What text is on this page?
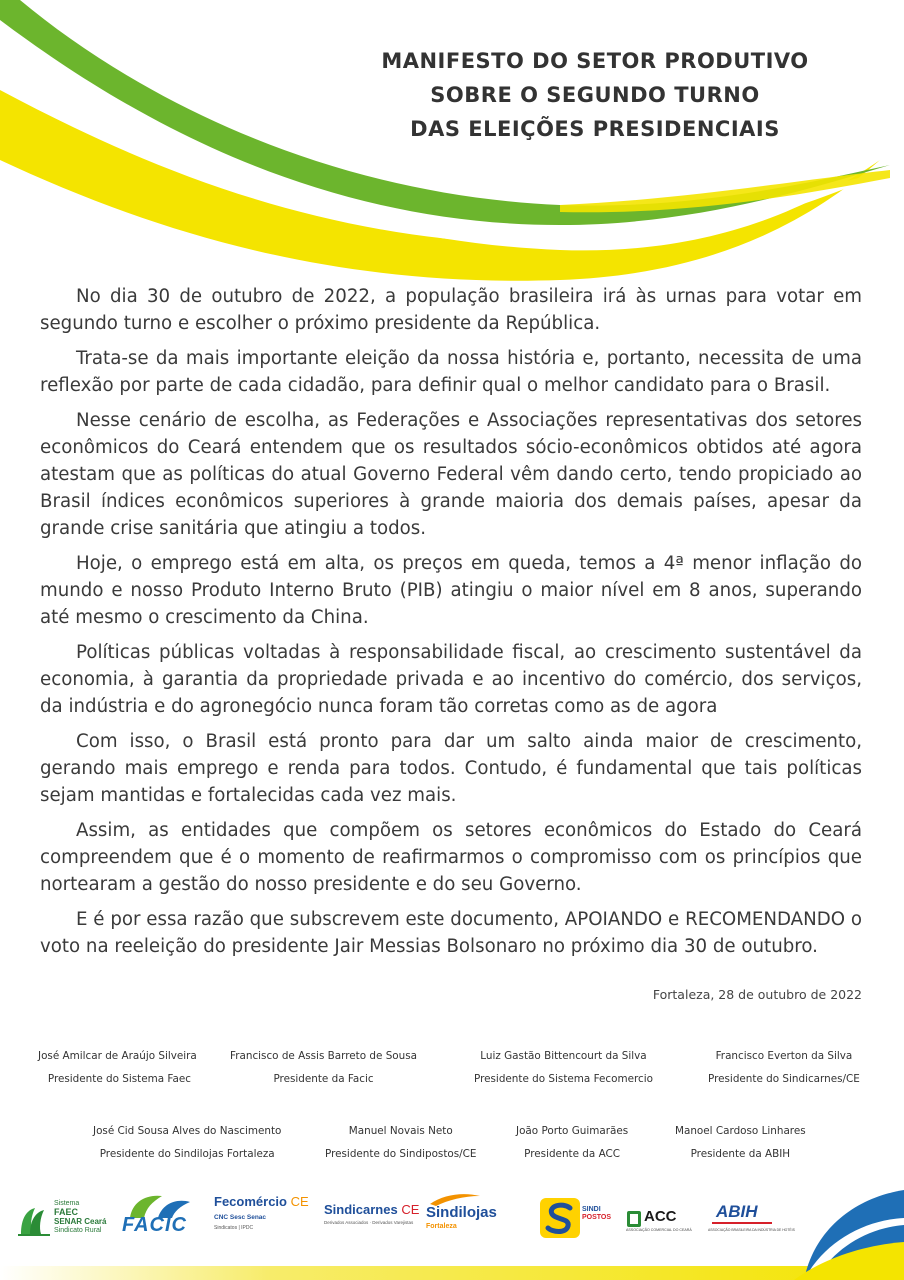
MANIFESTO DO SETOR PRODUTIVO
SOBRE O SEGUNDO TURNO
DAS ELEIÇÕES PRESIDENCIAIS

No dia 30 de outubro de 2022, a população brasileira irá às urnas para votar em segundo turno e escolher o próximo presidente da República.

Trata-se da mais importante eleição da nossa história e, portanto, necessita de uma reflexão por parte de cada cidadão, para definir qual o melhor candidato para o Brasil.

Nesse cenário de escolha, as Federações e Associações representativas dos setores econômicos do Ceará entendem que os resultados sócio-econômicos obtidos até agora atestam que as políticas do atual Governo Federal vêm dando certo, tendo propiciado ao Brasil índices econômicos superiores à grande maioria dos demais países, apesar da grande crise sanitária que atingiu a todos.

Hoje, o emprego está em alta, os preços em queda, temos a 4ª menor inflação do mundo e nosso Produto Interno Bruto (PIB) atingiu o maior nível em 8 anos, superando até mesmo o crescimento da China.

Políticas públicas voltadas à responsabilidade fiscal, ao crescimento sustentável da economia, à garantia da propriedade privada e ao incentivo do comércio, dos serviços, da indústria e do agronegócio nunca foram tão corretas como as de agora

Com isso, o Brasil está pronto para dar um salto ainda maior de crescimento, gerando mais emprego e renda para todos. Contudo, é fundamental que tais políticas sejam mantidas e fortalecidas cada vez mais.

Assim, as entidades que compõem os setores econômicos do Estado do Ceará compreendem que é o momento de reafirmarmos o compromisso com os princípios que nortearam a gestão do nosso presidente e do seu Governo.

E é por essa razão que subscrevem este documento, APOIANDO e RECOMENDANDO o voto na reeleição do presidente Jair Messias Bolsonaro no próximo dia 30 de outubro.

Fortaleza, 28 de outubro de 2022
José Amilcar de Araújo Silveira
Presidente do Sistema Faec
Francisco de Assis Barreto de Sousa
Presidente da Facic
Luiz Gastão Bittencourt da Silva
Presidente do Sistema Fecomercio
Francisco Everton da Silva
Presidente do Sindicarnes/CE
José Cid Sousa Alves do Nascimento
Presidente do Sindilojas Fortaleza
Manuel Novais Neto
Presidente do Sindipostos/CE
João Porto Guimarães
Presidente da ACC
Manoel Cardoso Linhares
Presidente da ABIH
Sistema
FAEC
SENAR Ceará
Sindicato Rural FACIC
Fecomércio CE
CNC Sesc Senac
Sindicatos | IPDC
Sindicarnes CE
Derivados Associados · Derivados Varejistas
Sindilojas
Fortaleza
SINDI
POSTOS ACC
ASSOCIAÇÃO COMERCIAL DO CEARÁ
ABIH
ASSOCIAÇÃO BRASILEIRA DA INDÚSTRIA DE HOTÉIS
